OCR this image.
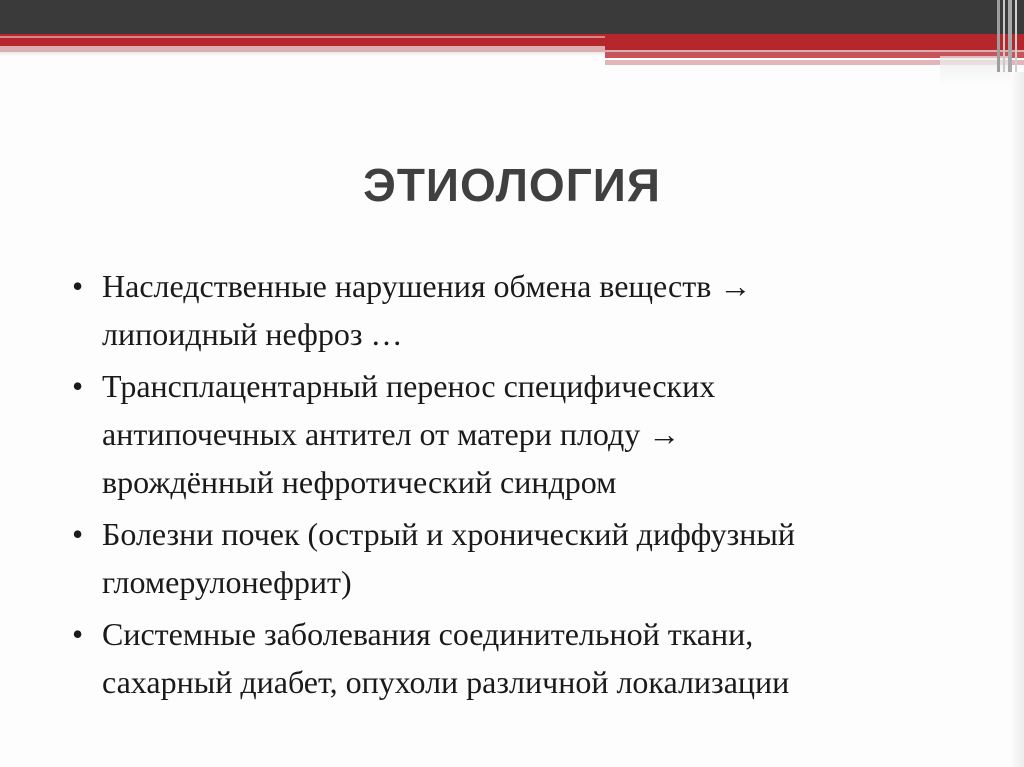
ЭТИОЛОГИЯ
• Наследственные нарушения обмена веществ →
липоидный нефроз …
• Трансплацентарный перенос специфических
антипочечных антител от матери плоду →
врождённый нефротический синдром
• Болезни почек (острый и хронический диффузный
гломерулонефрит)
• Системные заболевания соединительной ткани,
сахарный диабет, опухоли различной локализации
